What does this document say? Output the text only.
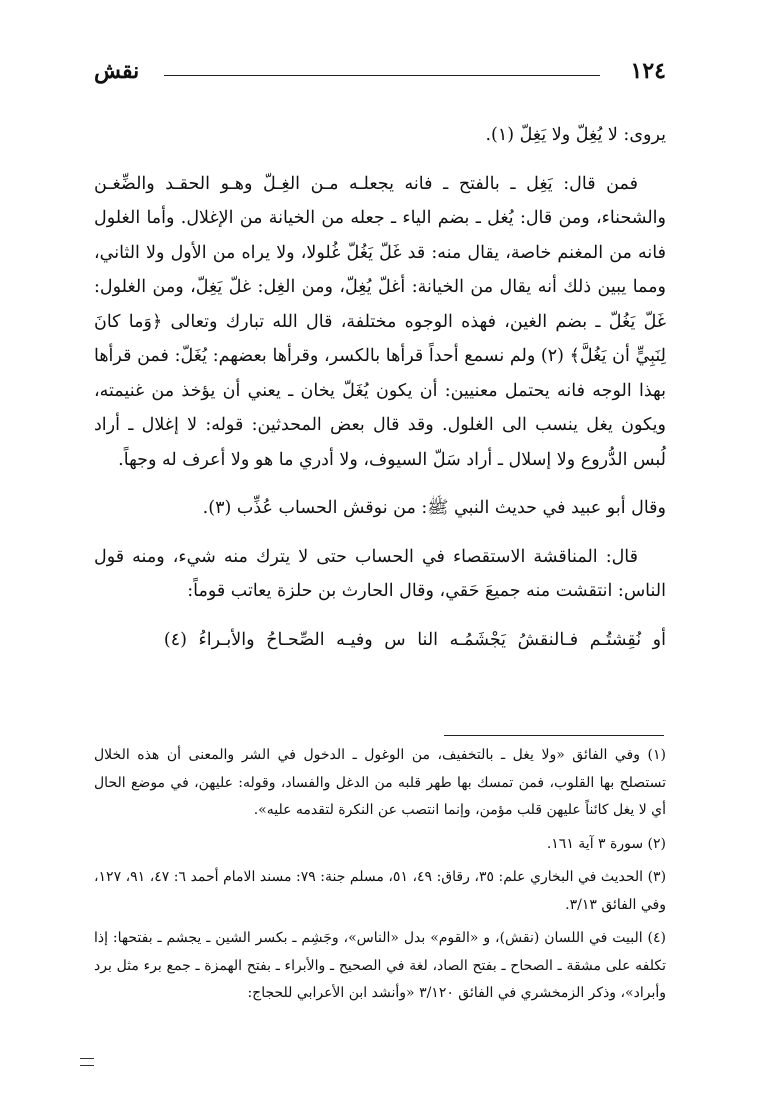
١٢٤
نقش

يروى: لا يُغِلّ ولا يَغِلّ (١).

فمن قال: يَغِل ـ بالفتح ـ فانه يجعلـه مـن الغِـلّ وهـو الحقـد والضِّغـن والشحناء، ومن قال: يُغل ـ بضم الياء ـ جعله من الخيانة من الإغلال. وأما الغلول فانه من المغنم خاصة، يقال منه: قد غَلّ يَغُلّ غُلولا، ولا يراه من الأول ولا الثاني، ومما يبين ذلك أنه يقال من الخيانة: أغلّ يُغِلّ، ومن الغِل: غلّ يَغِلّ، ومن الغلول: غَلّ يَغُلّ ـ بضم الغين، فهذه الوجوه مختلفة، قال الله تبارك وتعالى ﴿وَما كانَ لِنَبِيٍّ أن يَغُلَّ﴾ (٢) ولم نسمع أحداً قرأها بالكسر، وقرأها بعضهم: يُغَلّ: فمن قرأها بهذا الوجه فانه يحتمل معنيين: أن يكون يُغَلّ يخان ـ يعني أن يؤخذ من غنيمته، ويكون يغل ينسب الى الغلول. وقد قال بعض المحدثين: قوله: لا إغلال ـ أراد لُبس الدُّروع ولا إسلال ـ أراد سَلّ السيوف، ولا أدري ما هو ولا أعرف له وجهاً.

وقال أبو عبيد في حديث النبي ﷺ: من نوقش الحساب عُذِّب (٣).

قال: المناقشة الاستقصاء في الحساب حتى لا يترك منه شيء، ومنه قول الناس: انتقشت منه جميعَ حَقي، وقال الحارث بن حلزة يعاتب قوماً:

أو نُقِشتُـم فـالنقشُ يَجْشَمُـه النا س وفيـه الصِّحـاحُ والأبـراءُ (٤)

(١) وفي الفائق «ولا يغل ـ بالتخفيف، من الوغول ـ الدخول في الشر والمعنى أن هذه الخلال تستصلح بها القلوب، فمن تمسك بها طهر قلبه من الدغل والفساد، وقوله: عليهن، في موضع الحال أي لا يغل كائناً عليهن قلب مؤمن، وإنما انتصب عن النكرة لتقدمه عليه».

(٢) سورة ٣ آية ١٦١.

(٣) الحديث في البخاري علم: ٣٥، رقاق: ٤٩، ٥١، مسلم جنة: ٧٩: مسند الامام أحمد ٦: ٤٧، ٩١، ١٢٧، وفي الفائق ٣/١٣.

(٤) البيت في اللسان (نقش)، و «القوم» بدل «الناس»، وجَشِم ـ بكسر الشين ـ يجشم ـ بفتحها: إذا تكلفه على مشقة ـ الصحاح ـ بفتح الصاد، لغة في الصحيح ـ والأبراء ـ بفتح الهمزة ـ جمع برء مثل برد وأبراد»، وذكر الزمخشري في الفائق ٣/١٢٠ «وأنشد ابن الأعرابي للحجاج:
